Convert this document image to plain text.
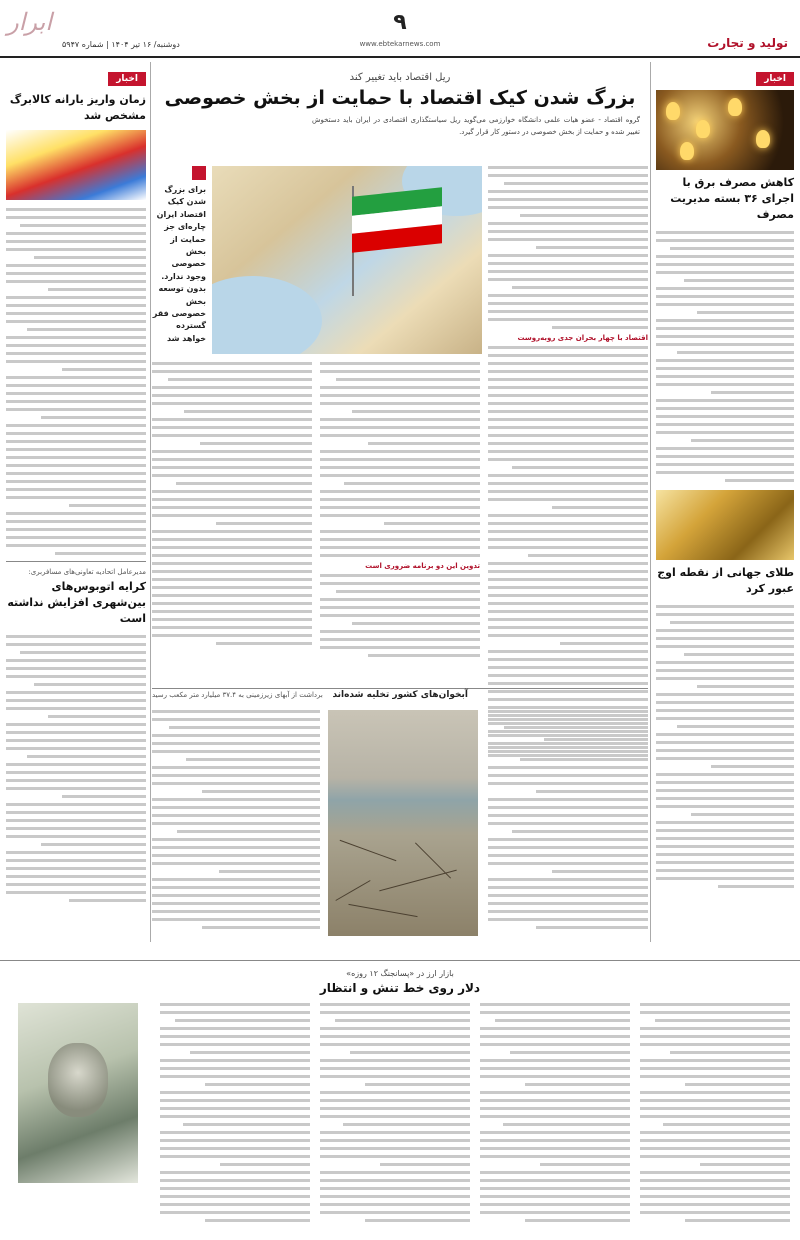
ابرار
دوشنبه/ ۱۶ تیر ۱۴۰۴ | شماره ۵۹۴۷
۹
www.ebtekarnews.com	تولید و تجارت
اخبار
کاهش مصرف برق با اجرای ۳۶ بسته مدیریت مصرف
طلای جهانی از نقطه اوج عبور کرد
اخبار
زمان واریز یارانه کالابرگ مشخص شد
مدیرعامل اتحادیه تعاونی‌های مسافربری:
کرایه اتوبوس‌های بین‌شهری افزایش نداشته است
ریل اقتصاد باید تغییر کند
بزرگ شدن کیک اقتصاد با حمایت از بخش خصوصی
گروه اقتصاد - عضو هیات علمی دانشگاه خوارزمی می‌گوید ریل سیاستگذاری اقتصادی در ایران باید دستخوش تغییر شده و حمایت از بخش خصوصی در دستور کار قرار گیرد.
برای بزرگ شدن کیک اقتصاد ایران چاره‌ای جز حمایت از بخش خصوصی وجود ندارد. بدون توسعه بخش خصوصی فقر گسترده خواهد شد	اقتصاد با چهار بحران جدی روبه‌روست
تدوین این دو برنامه ضروری است
آبخوان‌های کشور تخلیه شده‌اند
برداشت از آبهای زیرزمینی به ۳۷.۴ میلیارد متر مکعب رسید
بازار ارز در «پسانجنگ ۱۲ روزه»
دلار روی خط تنش و انتظار
